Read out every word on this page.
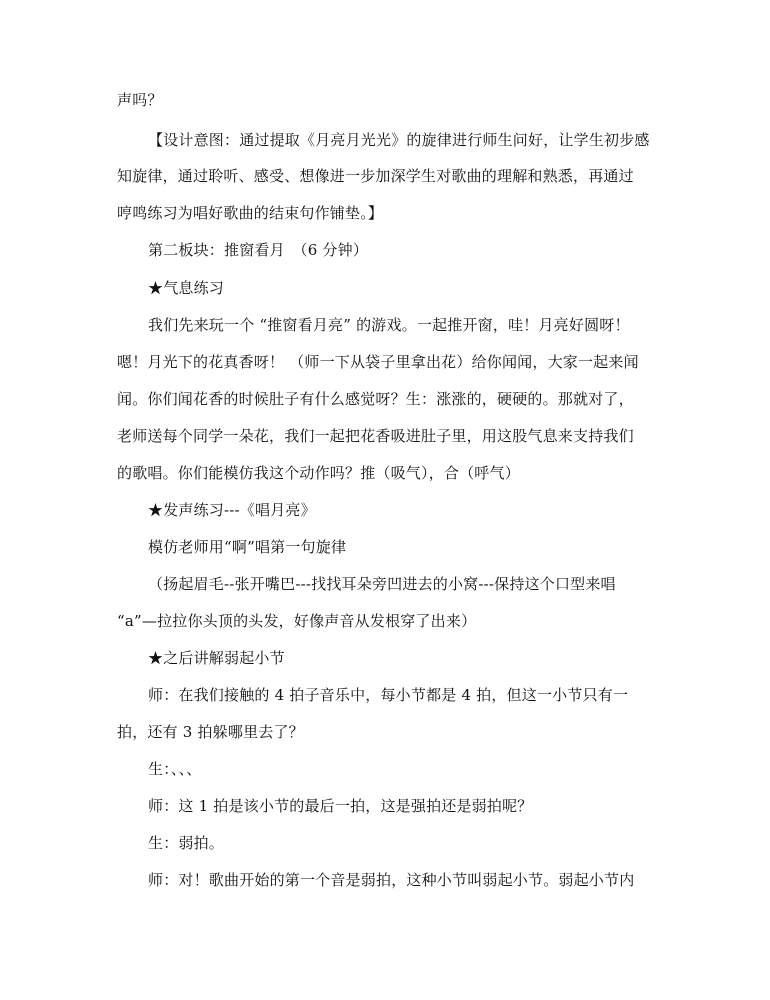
声吗？
【设计意图：通过提取《月亮月光光》的旋律进行师生问好，让学生初步感
知旋律，通过聆听、感受、想像进一步加深学生对歌曲的理解和熟悉，再通过
哼鸣练习为唱好歌曲的结束句作铺垫。】
第二板块：推窗看月　（6 分钟）
★气息练习
我们先来玩一个 “推窗看月亮” 的游戏。一起推开窗，哇！月亮好圆呀！
嗯！月光下的花真香呀！ （师一下从袋子里拿出花）给你闻闻，大家一起来闻
闻。你们闻花香的时候肚子有什么感觉呀？生：涨涨的，硬硬的。那就对了，
老师送每个同学一朵花，我们一起把花香吸进肚子里，用这股气息来支持我们
的歌唱。你们能模仿我这个动作吗？推（吸气），合（呼气）
★发声练习---《唱月亮》
模仿老师用“啊”唱第一句旋律
（扬起眉毛--张开嘴巴---找找耳朵旁凹进去的小窝---保持这个口型来唱
“a”—拉拉你头顶的头发，好像声音从发根穿了出来）
★之后讲解弱起小节
师：在我们接触的 4 拍子音乐中，每小节都是 4 拍，但这一小节只有一
拍，还有 3 拍躲哪里去了？
生：、、、
师：这 1 拍是该小节的最后一拍，这是强拍还是弱拍呢？
生：弱拍。
师：对！歌曲开始的第一个音是弱拍，这种小节叫弱起小节。弱起小节内
